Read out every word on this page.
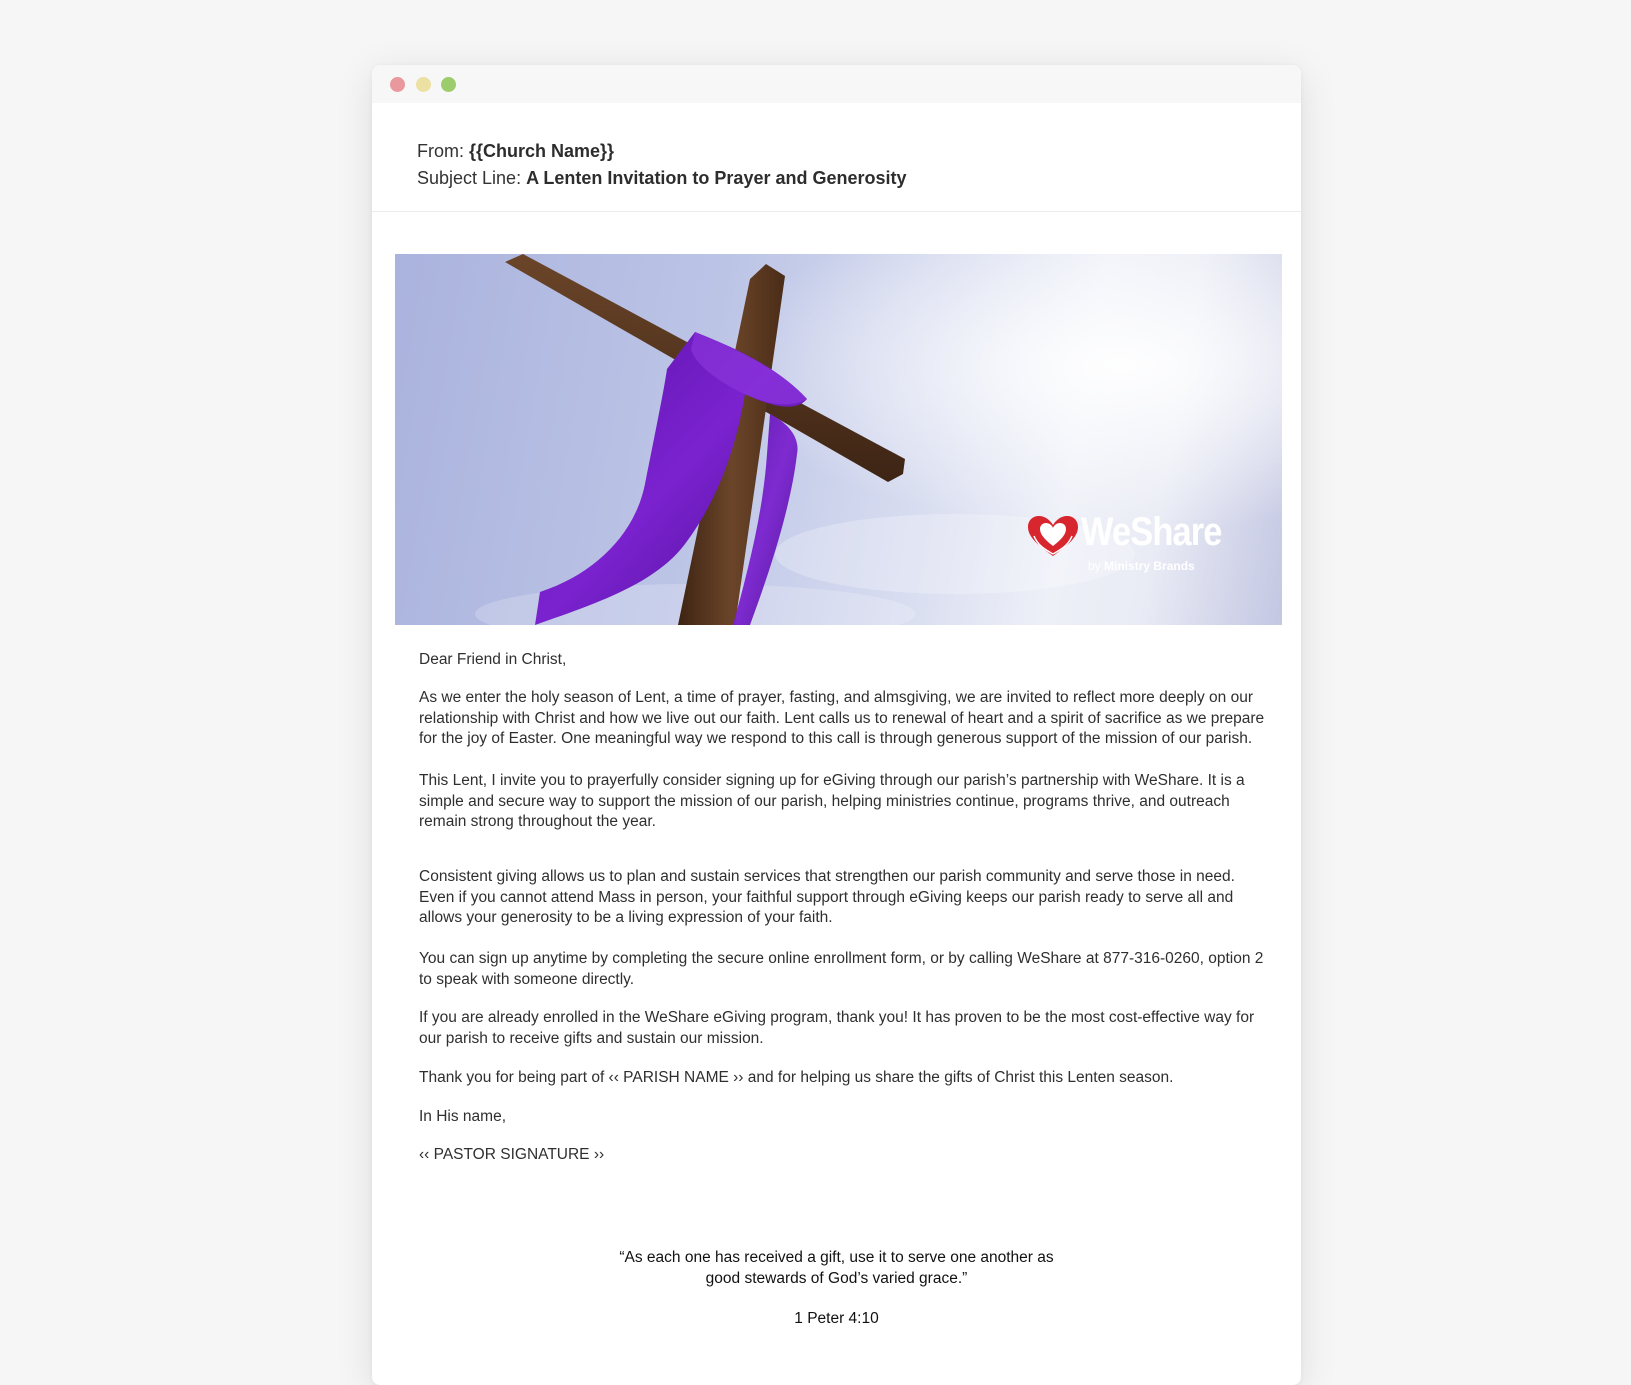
From: {{Church Name}}
Subject Line: A Lenten Invitation to Prayer and Generosity
WeShare
by Ministry Brands

Dear Friend in Christ,

As we enter the holy season of Lent, a time of prayer, fasting, and almsgiving, we are invited to reflect more deeply on our relationship with Christ and how we live out our faith. Lent calls us to renewal of heart and a spirit of sacrifice as we prepare for the joy of Easter. One meaningful way we respond to this call is through generous support of the mission of our parish.

This Lent, I invite you to prayerfully consider signing up for eGiving through our parish’s partnership with WeShare. It is a simple and secure way to support the mission of our parish, helping ministries continue, programs thrive, and outreach remain strong throughout the year.

Consistent giving allows us to plan and sustain services that strengthen our parish community and serve those in need. Even if you cannot attend Mass in person, your faithful support through eGiving keeps our parish ready to serve all and allows your generosity to be a living expression of your faith.

You can sign up anytime by completing the secure online enrollment form, or by calling WeShare at 877-316-0260, option 2 to speak with someone directly.

If you are already enrolled in the WeShare eGiving program, thank you! It has proven to be the most cost-effective way for our parish to receive gifts and sustain our mission.

Thank you for being part of ‹‹ PARISH NAME ›› and for helping us share the gifts of Christ this Lenten season.

In His name,

‹‹ PASTOR SIGNATURE ››

“As each one has received a gift, use it to serve one another as good stewards of God’s varied grace.”
1 Peter 4:10
